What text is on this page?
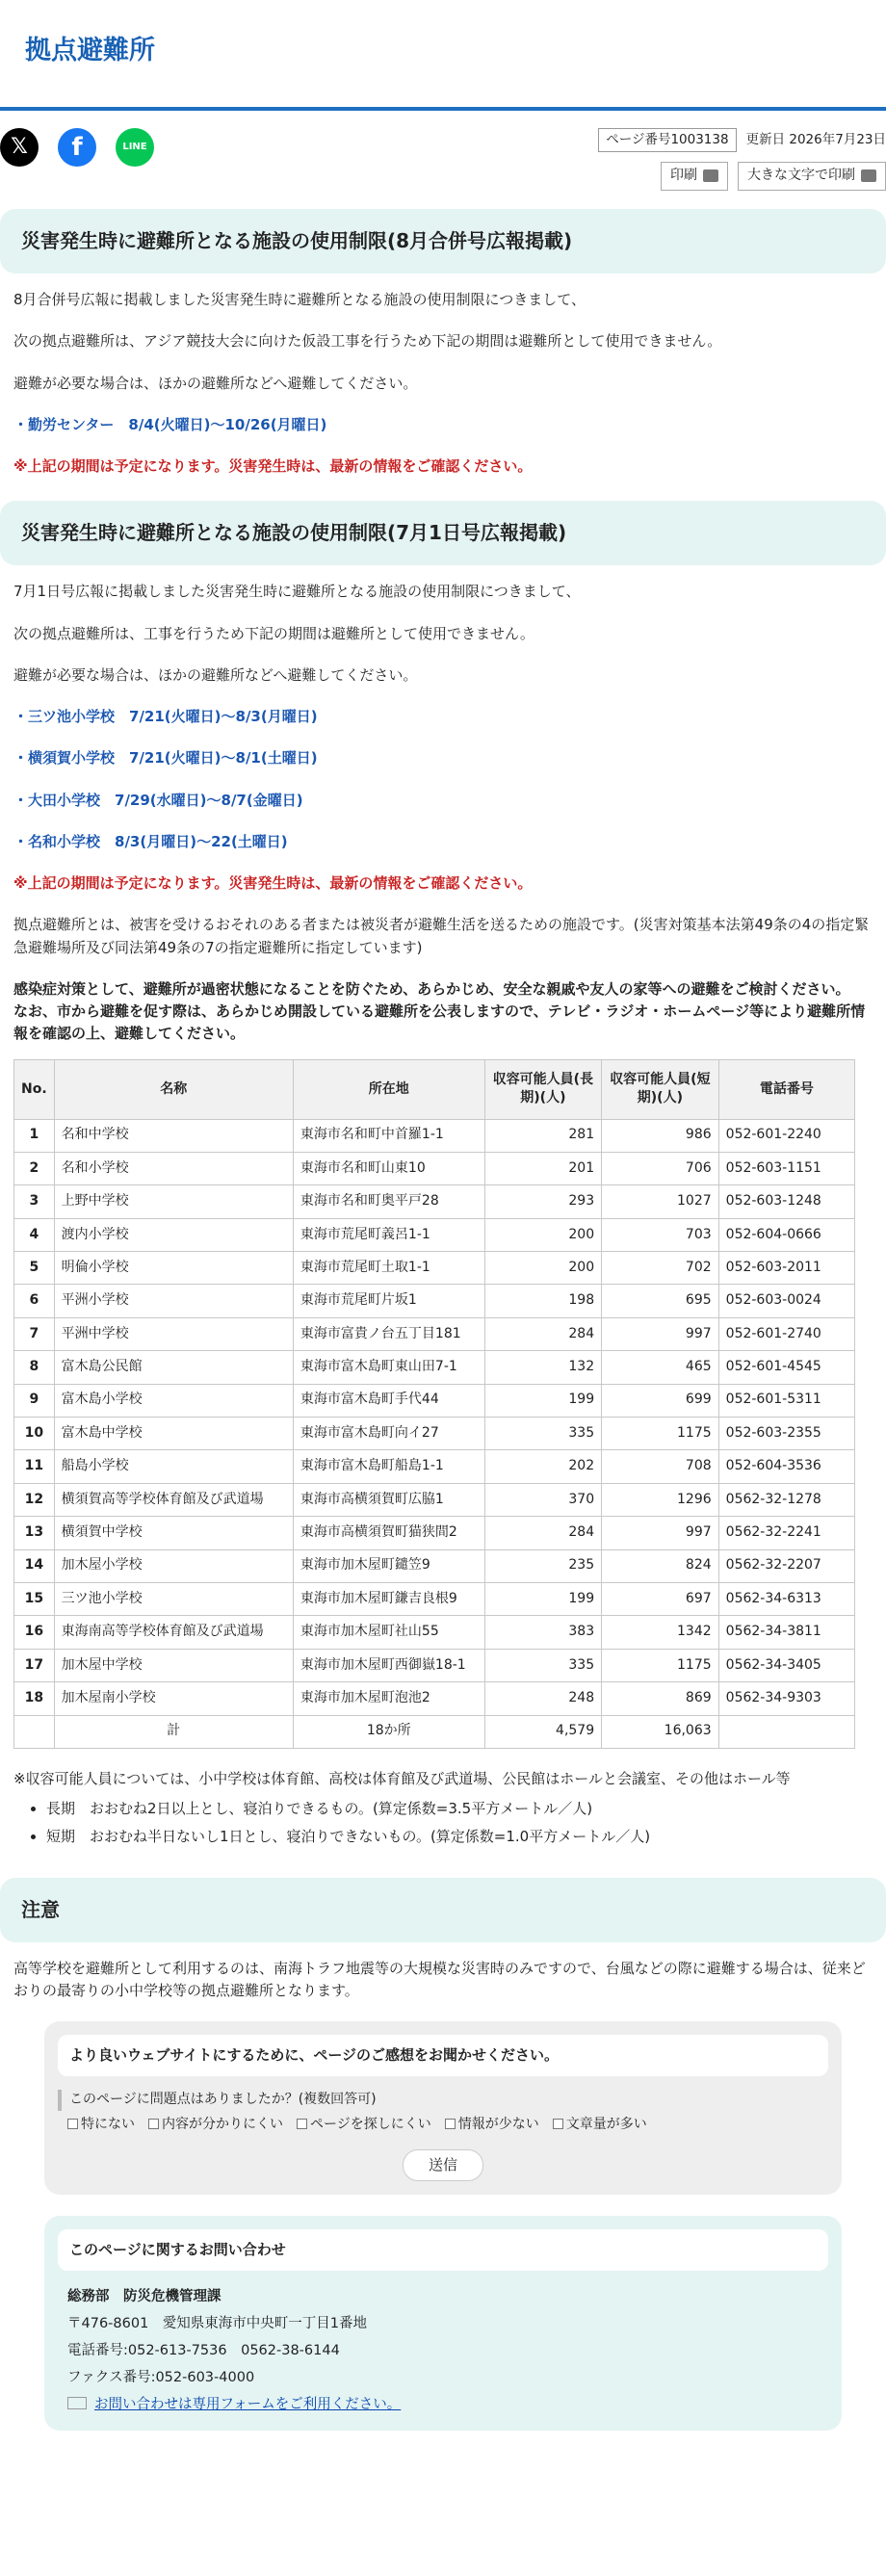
拠点避難所
𝕏	f	LINE	ページ番号1003138	更新日 2026年7月23日
印刷	大きな文字で印刷
災害発生時に避難所となる施設の使用制限(8月合併号広報掲載)

8月合併号広報に掲載しました災害発生時に避難所となる施設の使用制限につきまして、

次の拠点避難所は、アジア競技大会に向けた仮設工事を行うため下記の期間は避難所として使用できません。

避難が必要な場合は、ほかの避難所などへ避難してください。

・勤労センター　8/4(火曜日)～10/26(月曜日)

※上記の期間は予定になります。災害発生時は、最新の情報をご確認ください。

災害発生時に避難所となる施設の使用制限(7月1日号広報掲載)

7月1日号広報に掲載しました災害発生時に避難所となる施設の使用制限につきまして、

次の拠点避難所は、工事を行うため下記の期間は避難所として使用できません。

避難が必要な場合は、ほかの避難所などへ避難してください。

・三ツ池小学校　7/21(火曜日)～8/3(月曜日)

・横須賀小学校　7/21(火曜日)～8/1(土曜日)

・大田小学校　7/29(水曜日)～8/7(金曜日)

・名和小学校　8/3(月曜日)～22(土曜日)

※上記の期間は予定になります。災害発生時は、最新の情報をご確認ください。

拠点避難所とは、被害を受けるおそれのある者または被災者が避難生活を送るための施設です。(災害対策基本法第49条の4の指定緊急避難場所及び同法第49条の7の指定避難所に指定しています)

感染症対策として、避難所が過密状態になることを防ぐため、あらかじめ、安全な親戚や友人の家等への避難をご検討ください。

なお、市から避難を促す際は、あらかじめ開設している避難所を公表しますので、テレビ・ラジオ・ホームページ等により避難所情報を確認の上、避難してください。

No.	名称	所在地	収容可能人員(長期)(人)	収容可能人員(短期)(人)	電話番号
1	名和中学校	東海市名和町中首羅1-1	281	986	052-601-2240
2	名和小学校	東海市名和町山東10	201	706	052-603-1151
3	上野中学校	東海市名和町奥平戸28	293	1027	052-603-1248
4	渡内小学校	東海市荒尾町義呂1-1	200	703	052-604-0666
5	明倫小学校	東海市荒尾町土取1-1	200	702	052-603-2011
6	平洲小学校	東海市荒尾町片坂1	198	695	052-603-0024
7	平洲中学校	東海市富貴ノ台五丁目181	284	997	052-601-2740
8	富木島公民館	東海市富木島町東山田7-1	132	465	052-601-4545
9	富木島小学校	東海市富木島町手代44	199	699	052-601-5311
10	富木島中学校	東海市富木島町向イ27	335	1175	052-603-2355
11	船島小学校	東海市富木島町船島1-1	202	708	052-604-3536
12	横須賀高等学校体育館及び武道場	東海市高横須賀町広脇1	370	1296	0562-32-1278
13	横須賀中学校	東海市高横須賀町猫狭間2	284	997	0562-32-2241
14	加木屋小学校	東海市加木屋町鑓笠9	235	824	0562-32-2207
15	三ツ池小学校	東海市加木屋町鎌吉良根9	199	697	0562-34-6313
16	東海南高等学校体育館及び武道場	東海市加木屋町社山55	383	1342	0562-34-3811
17	加木屋中学校	東海市加木屋町西御嶽18-1	335	1175	0562-34-3405
18	加木屋南小学校	東海市加木屋町泡池2	248	869	0562-34-9303
	計	18か所	4,579	16,063	

※収容可能人員については、小中学校は体育館、高校は体育館及び武道場、公民館はホールと会議室、その他はホール等

• 長期　おおむね2日以上とし、寝泊りできるもの。(算定係数=3.5平方メートル／人)
• 短期　おおむね半日ないし1日とし、寝泊りできないもの。(算定係数=1.0平方メートル／人)
注意

高等学校を避難所として利用するのは、南海トラフ地震等の大規模な災害時のみですので、台風などの際に避難する場合は、従来どおりの最寄りの小中学校等の拠点避難所となります。

より良いウェブサイトにするために、ページのご感想をお聞かせください。
このページに問題点はありましたか？(複数回答可)
特にない	内容が分かりにくい	ページを探しにくい	情報が少ない	文章量が多い
送信
このページに関するお問い合わせ
総務部　防災危機管理課
〒476-8601　愛知県東海市中央町一丁目1番地
電話番号:052-613-7536　0562-38-6144
ファクス番号:052-603-4000
お問い合わせは専用フォームをご利用ください。
